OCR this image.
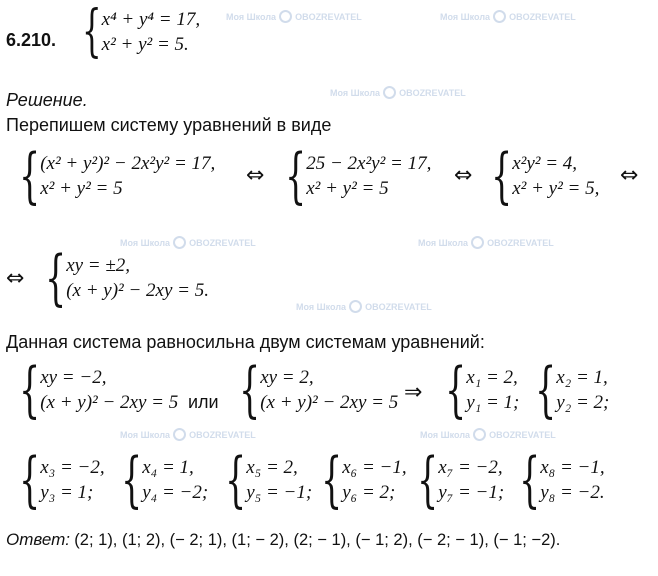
Моя Школа OBOZREVATEL	Моя Школа OBOZREVATEL
Моя Школа OBOZREVATEL
Моя Школа OBOZREVATEL	Моя Школа OBOZREVATEL
Моя Школа OBOZREVATEL
Моя Школа OBOZREVATEL	Моя Школа OBOZREVATEL
6.210. { x⁴ + y⁴ = 17,
x² + y² = 5.
Решение.
Перепишем систему уравнений в виде
{ (x² + y²)² − 2x²y² = 17,
x² + y² = 5
⇔ { 25 − 2x²y² = 17,
x² + y² = 5
⇔ { x²y² = 4,
x² + y² = 5,
⇔
⇔ { xy = ±2,
(x + y)² − 2xy = 5.
Данная система равносильна двум системам уравнений:
{ xy = −2,
(x + y)² − 2xy = 5 или { xy = 2,
(x + y)² − 2xy = 5 ⇒ { x₁ = 2,
y₁ = 1; { x₂ = 1,
y₂ = 2;
{ x₃ = −2,
y₃ = 1; { x₄ = 1,
y₄ = −2; { x₅ = 2,
y₅ = −1; { x₆ = −1,
y₆ = 2; { x₇ = −2,
y₇ = −1; { x₈ = −1,
y₈ = −2.
Ответ: (2; 1), (1; 2), (− 2; 1), (1; − 2), (2; − 1), (− 1; 2), (− 2; − 1), (− 1; −2).
